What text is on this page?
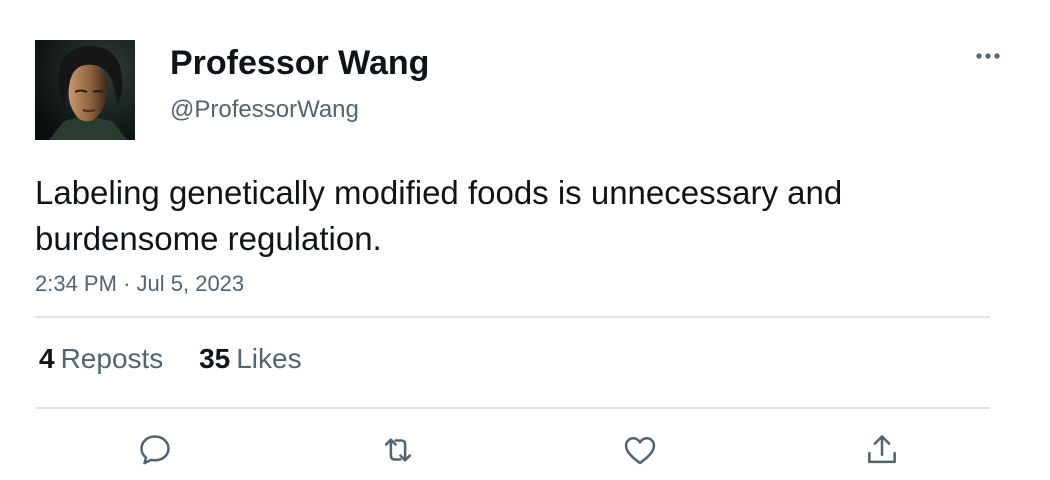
Professor Wang
@ProfessorWang
Labeling genetically modified foods is unnecessary and burdensome regulation.
2:34 PM · Jul 5, 2023
4 Reposts 35 Likes
